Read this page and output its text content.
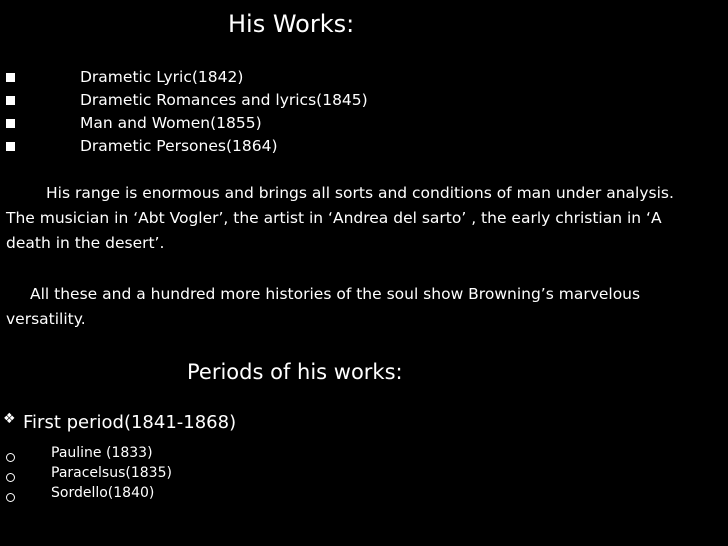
His Works:
Drametic Lyric(1842)
Drametic Romances and lyrics(1845)
Man and Women(1855)
Drametic Persones(1864)
His range is enormous and brings all sorts and conditions of man under analysis.
The musician in ‘Abt Vogler’, the artist in ‘Andrea del sarto’ , the early christian in ‘A
death in the desert’.
All these and a hundred more histories of the soul show Browning’s marvelous
versatility.
Periods of his works:
❖ First period(1841-1868)
Pauline (1833)
Paracelsus(1835)
Sordello(1840)
